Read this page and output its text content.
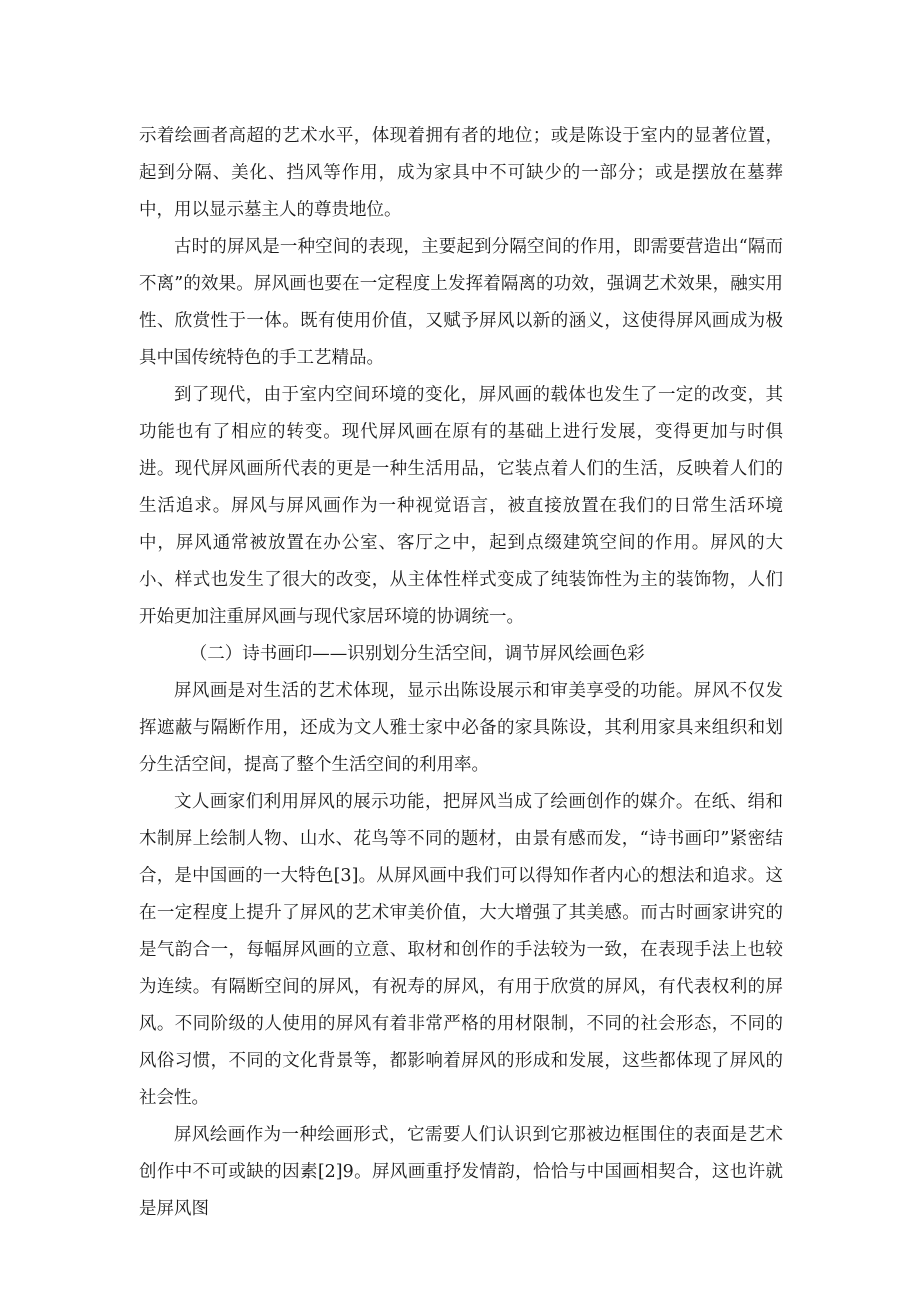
示着绘画者高超的艺术水平，体现着拥有者的地位；或是陈设于室内的显著位置，起到分隔、美化、挡风等作用，成为家具中不可缺少的一部分；或是摆放在墓葬中，用以显示墓主人的尊贵地位。

古时的屏风是一种空间的表现，主要起到分隔空间的作用，即需要营造出“隔而不离”的效果。屏风画也要在一定程度上发挥着隔离的功效，强调艺术效果，融实用性、欣赏性于一体。既有使用价值，又赋予屏风以新的涵义，这使得屏风画成为极具中国传统特色的手工艺精品。

到了现代，由于室内空间环境的变化，屏风画的载体也发生了一定的改变，其功能也有了相应的转变。现代屏风画在原有的基础上进行发展，变得更加与时俱进。现代屏风画所代表的更是一种生活用品，它装点着人们的生活，反映着人们的生活追求。屏风与屏风画作为一种视觉语言，被直接放置在我们的日常生活环境中，屏风通常被放置在办公室、客厅之中，起到点缀建筑空间的作用。屏风的大小、样式也发生了很大的改变，从主体性样式变成了纯装饰性为主的装饰物，人们开始更加注重屏风画与现代家居环境的协调统一。

（二）诗书画印——识别划分生活空间，调节屏风绘画色彩

屏风画是对生活的艺术体现，显示出陈设展示和审美享受的功能。屏风不仅发挥遮蔽与隔断作用，还成为文人雅士家中必备的家具陈设，其利用家具来组织和划分生活空间，提高了整个生活空间的利用率。

文人画家们利用屏风的展示功能，把屏风当成了绘画创作的媒介。在纸、绢和木制屏上绘制人物、山水、花鸟等不同的题材，由景有感而发，“诗书画印”紧密结合，是中国画的一大特色[3]。从屏风画中我们可以得知作者内心的想法和追求。这在一定程度上提升了屏风的艺术审美价值，大大增强了其美感。而古时画家讲究的是气韵合一，每幅屏风画的立意、取材和创作的手法较为一致，在表现手法上也较为连续。有隔断空间的屏风，有祝寿的屏风，有用于欣赏的屏风，有代表权利的屏风。不同阶级的人使用的屏风有着非常严格的用材限制，不同的社会形态，不同的风俗习惯，不同的文化背景等，都影响着屏风的形成和发展，这些都体现了屏风的社会性。

屏风绘画作为一种绘画形式，它需要人们认识到它那被边框围住的表面是艺术创作中不可或缺的因素[2]9。屏风画重抒发情韵，恰恰与中国画相契合，这也许就是屏风图
